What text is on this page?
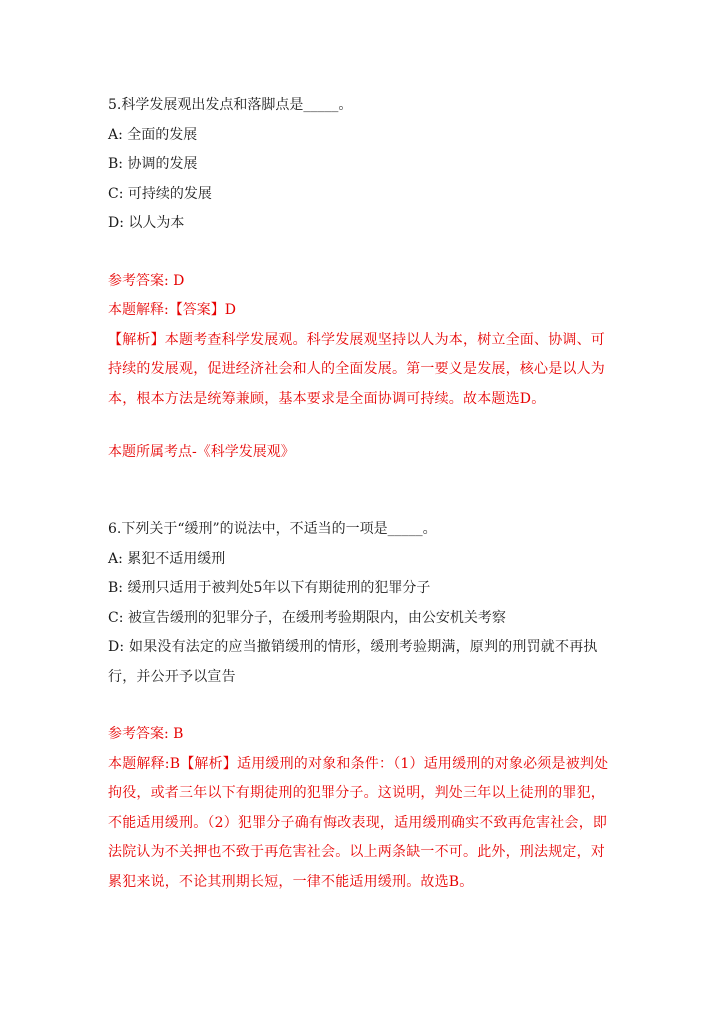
5.科学发展观出发点和落脚点是_____。
A: 全面的发展
B: 协调的发展
C: 可持续的发展
D: 以人为本
参考答案: D
本题解释:【答案】D
【解析】本题考查科学发展观。科学发展观坚持以人为本，树立全面、协调、可持续的发展观，促进经济社会和人的全面发展。第一要义是发展，核心是以人为本，根本方法是统筹兼顾，基本要求是全面协调可持续。故本题选D。
本题所属考点-《科学发展观》
6.下列关于“缓刑”的说法中，不适当的一项是_____。
A: 累犯不适用缓刑
B: 缓刑只适用于被判处5年以下有期徒刑的犯罪分子
C: 被宣告缓刑的犯罪分子，在缓刑考验期限内，由公安机关考察
D: 如果没有法定的应当撤销缓刑的情形，缓刑考验期满，原判的刑罚就不再执行，并公开予以宣告
参考答案: B
本题解释:B【解析】适用缓刑的对象和条件：（1）适用缓刑的对象必须是被判处拘役，或者三年以下有期徒刑的犯罪分子。这说明，判处三年以上徒刑的罪犯，不能适用缓刑。（2）犯罪分子确有悔改表现，适用缓刑确实不致再危害社会，即法院认为不关押也不致于再危害社会。以上两条缺一不可。此外，刑法规定，对累犯来说，不论其刑期长短，一律不能适用缓刑。故选B。
